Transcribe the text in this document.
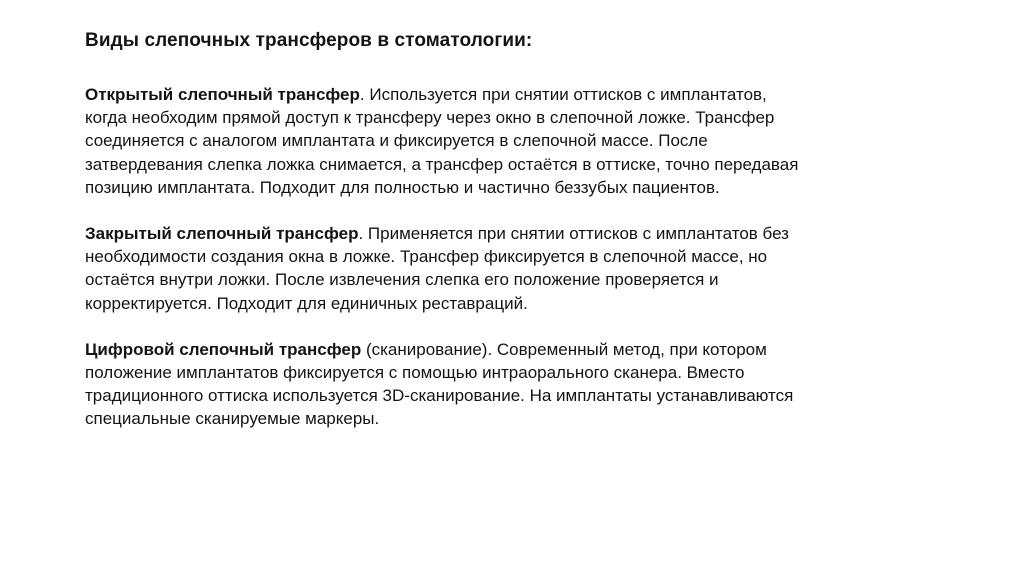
Виды слепочных трансферов в стоматологии:

Открытый слепочный трансфер. Используется при снятии оттисков с имплантатов, когда необходим прямой доступ к трансферу через окно в слепочной ложке. Трансфер соединяется с аналогом имплантата и фиксируется в слепочной массе. После затвердевания слепка ложка снимается, а трансфер остаётся в оттиске, точно передавая позицию имплантата. Подходит для полностью и частично беззубых пациентов.

Закрытый слепочный трансфер. Применяется при снятии оттисков с имплантатов без необходимости создания окна в ложке. Трансфер фиксируется в слепочной массе, но остаётся внутри ложки. После извлечения слепка его положение проверяется и корректируется. Подходит для единичных реставраций.

Цифровой слепочный трансфер (сканирование). Современный метод, при котором положение имплантатов фиксируется с помощью интраорального сканера. Вместо традиционного оттиска используется 3D-сканирование. На имплантаты устанавливаются специальные сканируемые маркеры.
